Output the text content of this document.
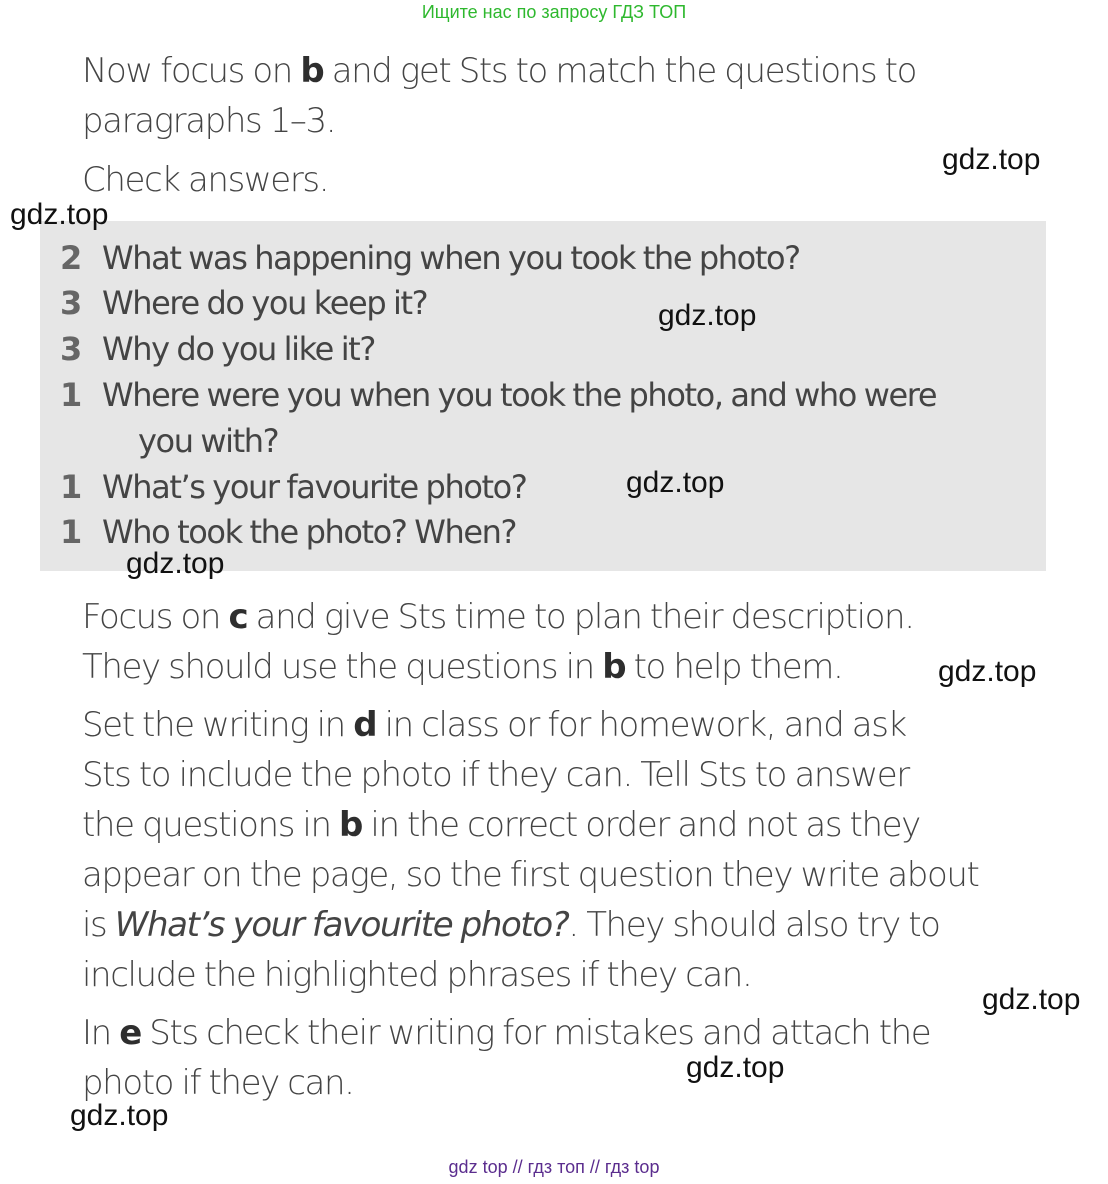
Ищите нас по запросу ГДЗ ТОП
Now focus on b and get Sts to match the questions to
paragraphs 1–3.
Check answers.
2 What was happening when you took the photo?
3 Where do you keep it?
3 Why do you like it?
1 Where were you when you took the photo, and who were
you with?
1 What’s your favourite photo?
1 Who took the photo? When?
Focus on c and give Sts time to plan their description.
They should use the questions in b to help them.
Set the writing in d in class or for homework, and ask
Sts to include the photo if they can. Tell Sts to answer
the questions in b in the correct order and not as they
appear on the page, so the first question they write about
is What’s your favourite photo?. They should also try to
include the highlighted phrases if they can.
In e Sts check their writing for mistakes and attach the
photo if they can.
gdz.top
gdz.top
gdz.top
gdz.top
gdz.top
gdz.top
gdz.top
gdz.top
gdz.top
gdz top // гдз топ // гдз top
